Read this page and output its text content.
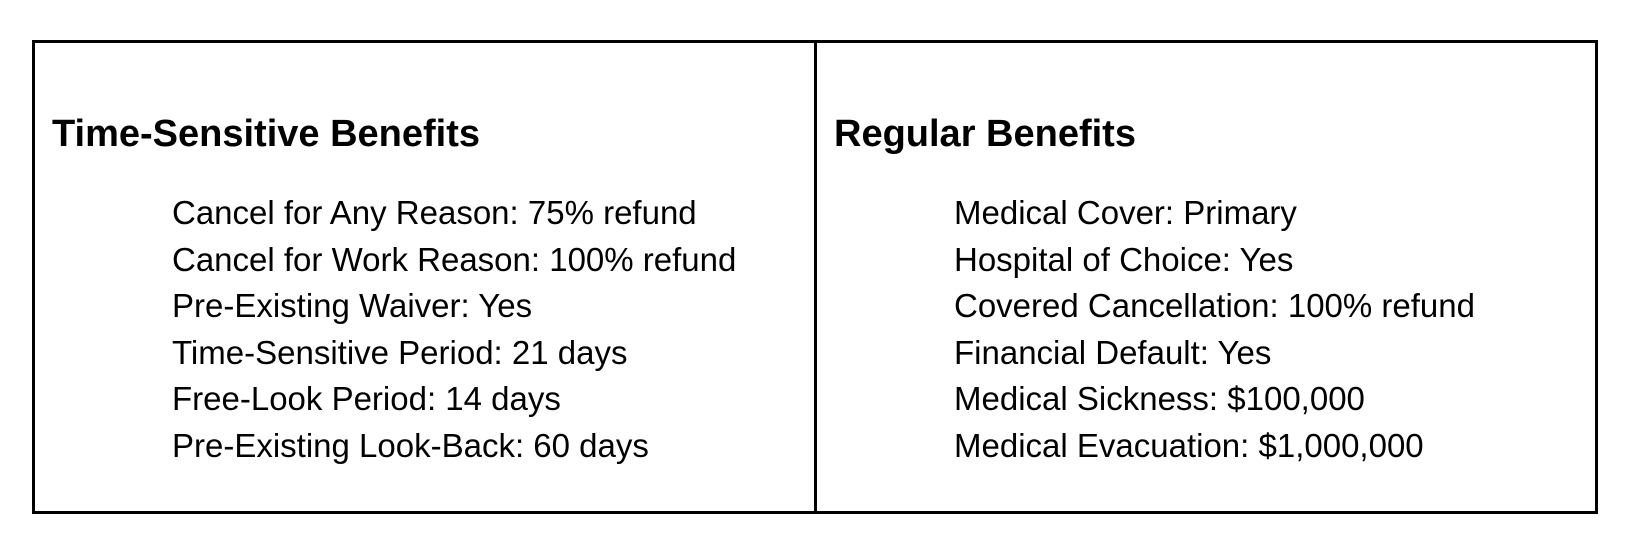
Time-Sensitive Benefits
Cancel for Any Reason: 75% refund
Cancel for Work Reason: 100% refund
Pre-Existing Waiver: Yes
Time-Sensitive Period: 21 days
Free-Look Period: 14 days
Pre-Existing Look-Back: 60 days
Regular Benefits
Medical Cover: Primary
Hospital of Choice: Yes
Covered Cancellation: 100% refund
Financial Default: Yes
Medical Sickness: $100,000
Medical Evacuation: $1,000,000
